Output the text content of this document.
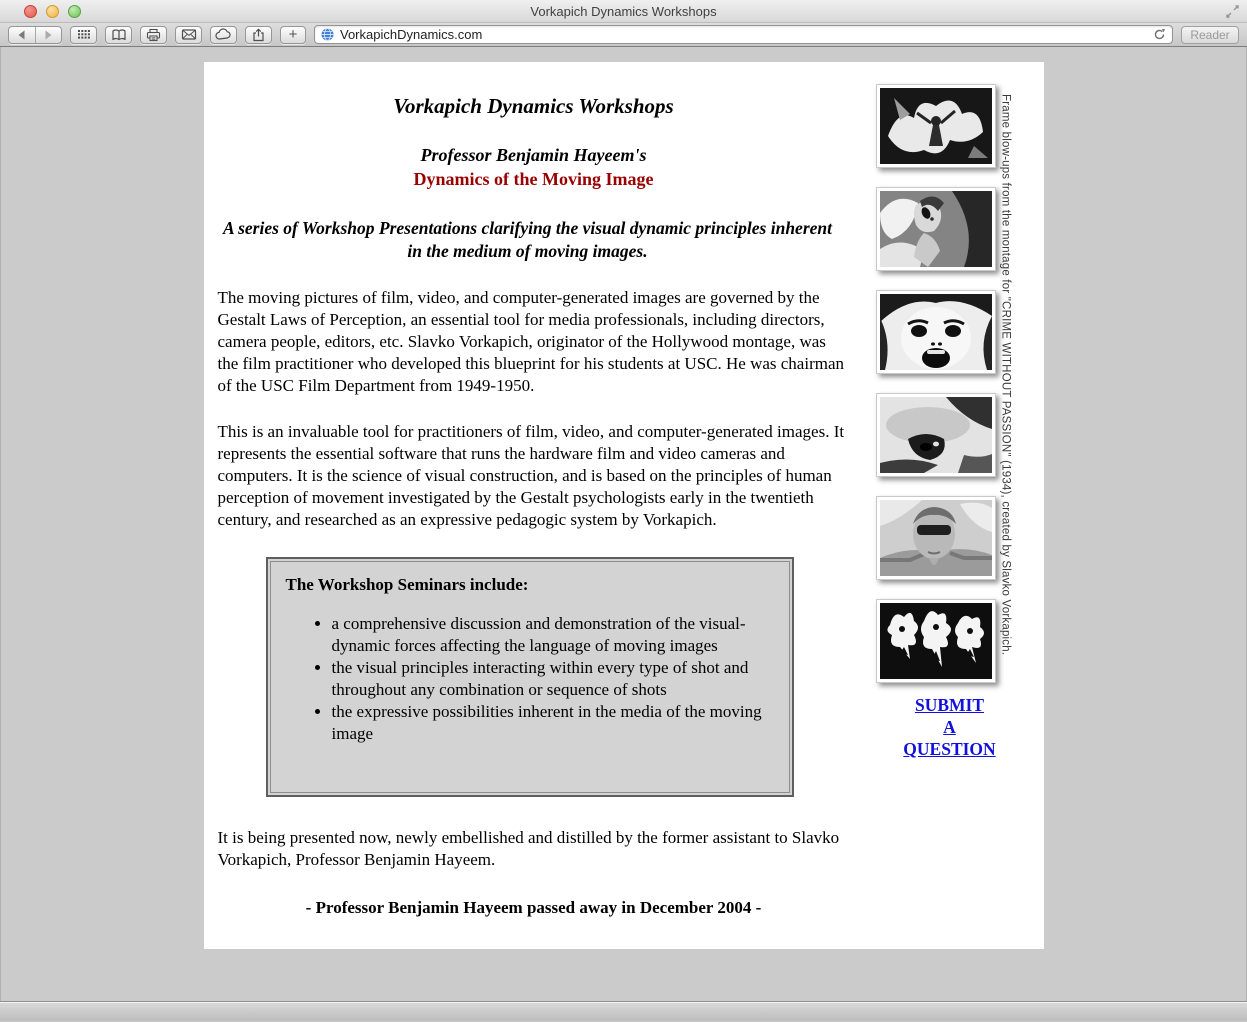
Vorkapich Dynamics Workshops
+	VorkapichDynamics.com	Reader
Vorkapich Dynamics Workshops
Professor Benjamin Hayeem's
Dynamics of the Moving Image
A series of Workshop Presentations clarifying the visual dynamic principles inherent in the medium of moving images.

The moving pictures of film, video, and computer-generated images are governed by the Gestalt Laws of Perception, an essential tool for media professionals, including directors, camera people, editors, etc. Slavko Vorkapich, originator of the Hollywood montage, was the film practitioner who developed this blueprint for his students at USC. He was chairman of the USC Film Department from 1949-1950.

This is an invaluable tool for practitioners of film, video, and computer-generated images. It represents the essential software that runs the hardware film and video cameras and computers. It is the science of visual construction, and is based on the principles of human perception of movement investigated by the Gestalt psychologists early in the twentieth century, and researched as an expressive pedagogic system by Vorkapich.

The Workshop Seminars include:
• a comprehensive discussion and demonstration of the visual-dynamic forces affecting the language of moving images
• the visual principles interacting within every type of shot and throughout any combination or sequence of shots
• the expressive possibilities inherent in the media of the moving image

It is being presented now, newly embellished and distilled by the former assistant to Slavko Vorkapich, Professor Benjamin Hayeem.

- Professor Benjamin Hayeem passed away in December 2004 -
Frame blow-ups from the montage for "CRIME WITHOUT PASSION" (1934), created by Slavko Vorkapich.
SUBMIT
A
QUESTION
